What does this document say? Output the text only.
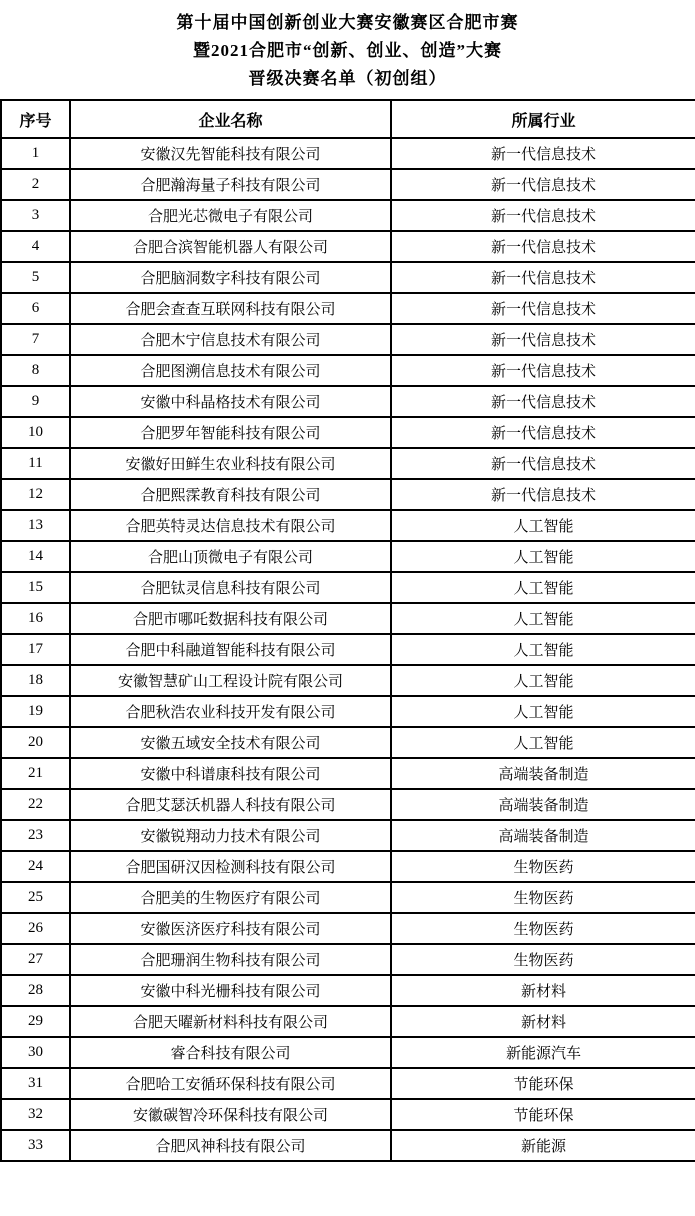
第十届中国创新创业大赛安徽赛区合肥市赛
暨2021合肥市“创新、创业、创造”大赛
晋级决赛名单（初创组）
序号	企业名称	所属行业
1	安徽汉先智能科技有限公司	新一代信息技术
2	合肥瀚海量子科技有限公司	新一代信息技术
3	合肥光芯微电子有限公司	新一代信息技术
4	合肥合滨智能机器人有限公司	新一代信息技术
5	合肥脑洞数字科技有限公司	新一代信息技术
6	合肥会查查互联网科技有限公司	新一代信息技术
7	合肥木宁信息技术有限公司	新一代信息技术
8	合肥图溯信息技术有限公司	新一代信息技术
9	安徽中科晶格技术有限公司	新一代信息技术
10	合肥罗年智能科技有限公司	新一代信息技术
11	安徽好田鲜生农业科技有限公司	新一代信息技术
12	合肥熙霂教育科技有限公司	新一代信息技术
13	合肥英特灵达信息技术有限公司	人工智能
14	合肥山顶微电子有限公司	人工智能
15	合肥钛灵信息科技有限公司	人工智能
16	合肥市哪吒数据科技有限公司	人工智能
17	合肥中科融道智能科技有限公司	人工智能
18	安徽智慧矿山工程设计院有限公司	人工智能
19	合肥秋浩农业科技开发有限公司	人工智能
20	安徽五域安全技术有限公司	人工智能
21	安徽中科谱康科技有限公司	高端装备制造
22	合肥艾瑟沃机器人科技有限公司	高端装备制造
23	安徽锐翔动力技术有限公司	高端装备制造
24	合肥国研汉因检测科技有限公司	生物医药
25	合肥美的生物医疗有限公司	生物医药
26	安徽医济医疗科技有限公司	生物医药
27	合肥珊润生物科技有限公司	生物医药
28	安徽中科光栅科技有限公司	新材料
29	合肥天曜新材料科技有限公司	新材料
30	睿合科技有限公司	新能源汽车
31	合肥哈工安循环保科技有限公司	节能环保
32	安徽碳智冷环保科技有限公司	节能环保
33	合肥风神科技有限公司	新能源
